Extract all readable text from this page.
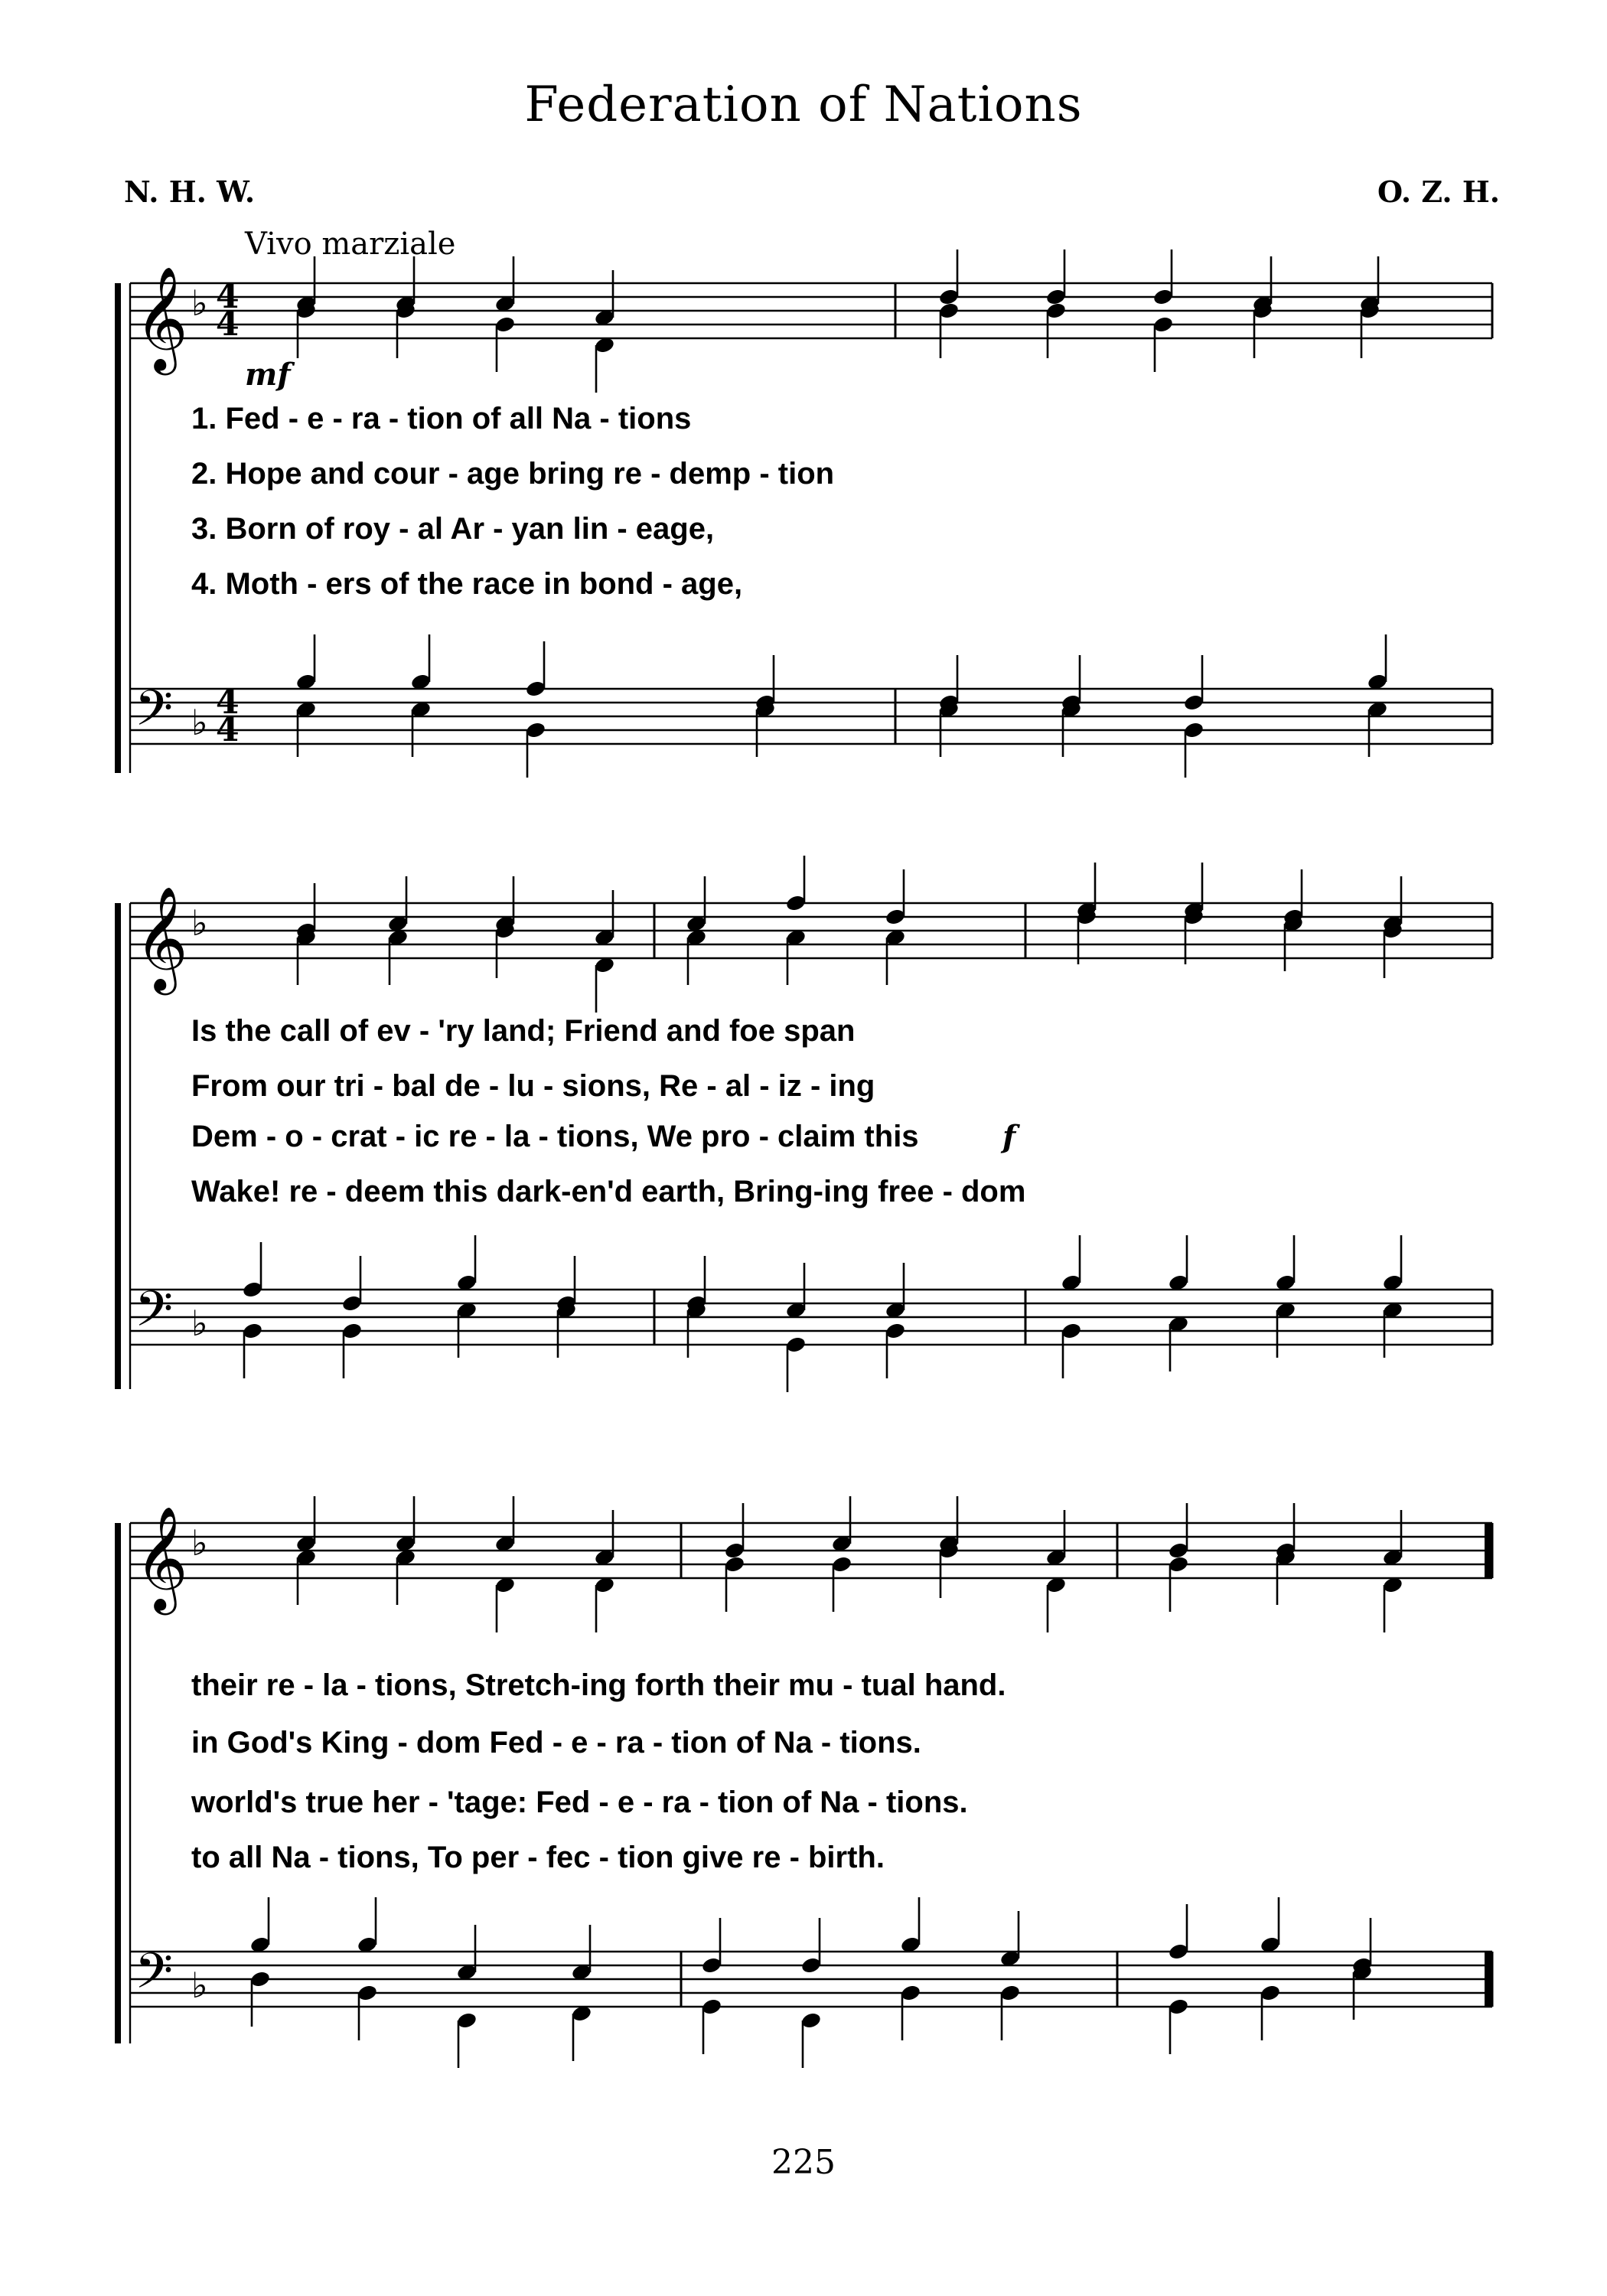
Federation of Nations
N. H. W.	O. Z. H.
Vivo marziale
mf
f
𝄞 ♭ 4
4
1. Fed - e - ra - tion of all Na - tions
2. Hope and cour - age bring re - demp - tion
3. Born of roy - al Ar - yan lin - eage,
4. Moth - ers of the race in bond - age,
𝄢 ♭ 4
4
𝄞 ♭
Is the call of ev - 'ry land; Friend and foe span
From our tri - bal de - lu - sions, Re - al - iz - ing
Dem - o - crat - ic re - la - tions, We pro - claim this
Wake! re - deem this dark-en'd earth, Bring-ing free - dom
𝄢 ♭
𝄞 ♭
their re - la - tions, Stretch-ing forth their mu - tual hand.
in God's King - dom Fed - e - ra - tion of Na - tions.
world's true her - 'tage: Fed - e - ra - tion of Na - tions.
to all Na - tions, To per - fec - tion give re - birth.
𝄢 ♭
225
